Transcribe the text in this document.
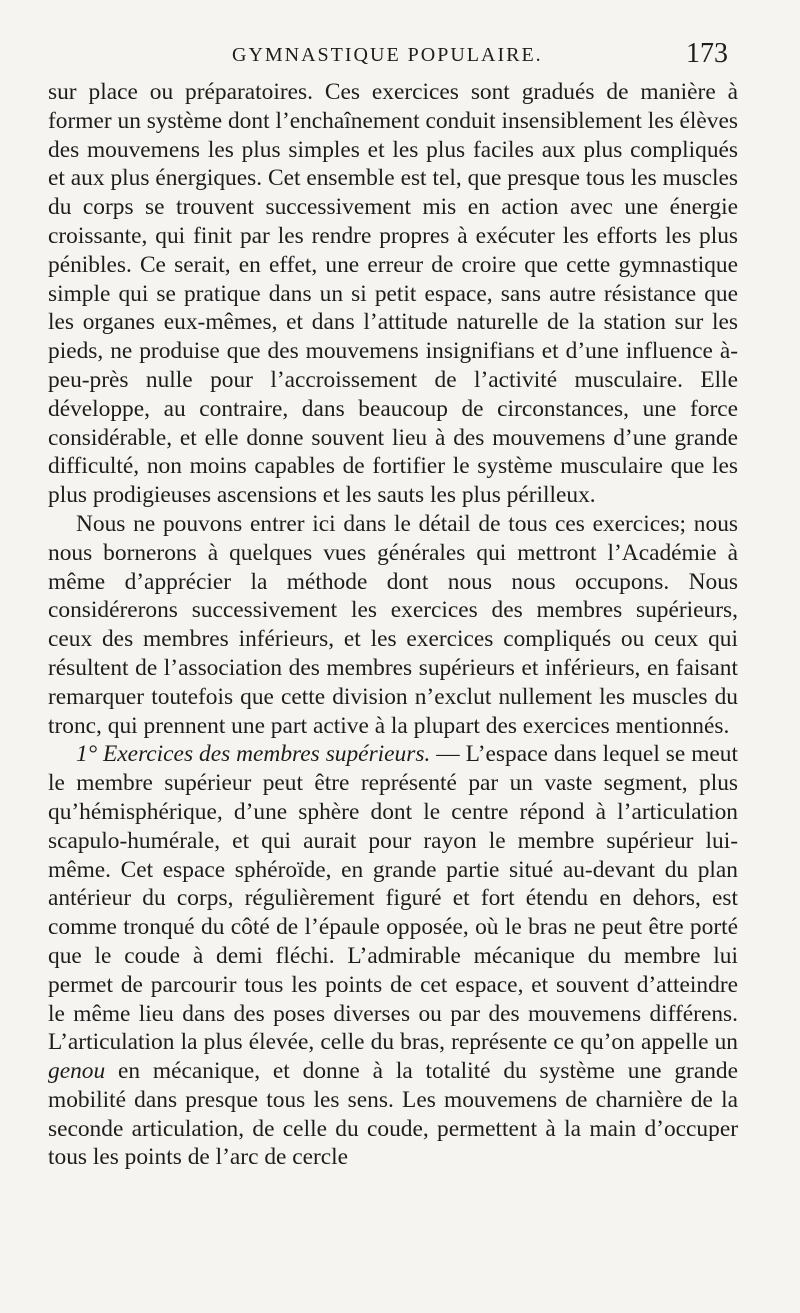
GYMNASTIQUE POPULAIRE.	173

sur place ou préparatoires. Ces exercices sont gradués de manière à former un système dont l’enchaînement conduit insensiblement les élèves des mouvemens les plus simples et les plus faciles aux plus compliqués et aux plus énergiques. Cet ensemble est tel, que presque tous les muscles du corps se trouvent successivement mis en action avec une énergie croissante, qui finit par les rendre propres à exécuter les efforts les plus pénibles. Ce serait, en effet, une erreur de croire que cette gymnastique simple qui se pratique dans un si petit espace, sans autre résistance que les organes eux-mêmes, et dans l’attitude naturelle de la station sur les pieds, ne produise que des mouvemens insignifians et d’une influence à-peu-près nulle pour l’accroissement de l’activité musculaire. Elle développe, au contraire, dans beaucoup de circonstances, une force considérable, et elle donne souvent lieu à des mouvemens d’une grande difficulté, non moins capables de fortifier le système musculaire que les plus prodigieuses ascensions et les sauts les plus périlleux.

Nous ne pouvons entrer ici dans le détail de tous ces exercices; nous nous bornerons à quelques vues générales qui mettront l’Académie à même d’apprécier la méthode dont nous nous occupons. Nous considérerons successivement les exercices des membres supérieurs, ceux des membres inférieurs, et les exercices compliqués ou ceux qui résultent de l’association des membres supérieurs et inférieurs, en faisant remarquer toutefois que cette division n’exclut nullement les muscles du tronc, qui prennent une part active à la plupart des exercices mentionnés.

1° Exercices des membres supérieurs. — L’espace dans lequel se meut le membre supérieur peut être représenté par un vaste segment, plus qu’hémisphérique, d’une sphère dont le centre répond à l’articulation scapulo-humérale, et qui aurait pour rayon le membre supérieur lui-même. Cet espace sphéroïde, en grande partie situé au-devant du plan antérieur du corps, régulièrement figuré et fort étendu en dehors, est comme tronqué du côté de l’épaule opposée, où le bras ne peut être porté que le coude à demi fléchi. L’admirable mécanique du membre lui permet de parcourir tous les points de cet espace, et souvent d’atteindre le même lieu dans des poses diverses ou par des mouvemens différens. L’articulation la plus élevée, celle du bras, représente ce qu’on appelle un genou en mécanique, et donne à la totalité du système une grande mobilité dans presque tous les sens. Les mouvemens de charnière de la seconde articulation, de celle du coude, permettent à la main d’occuper tous les points de l’arc de cercle
